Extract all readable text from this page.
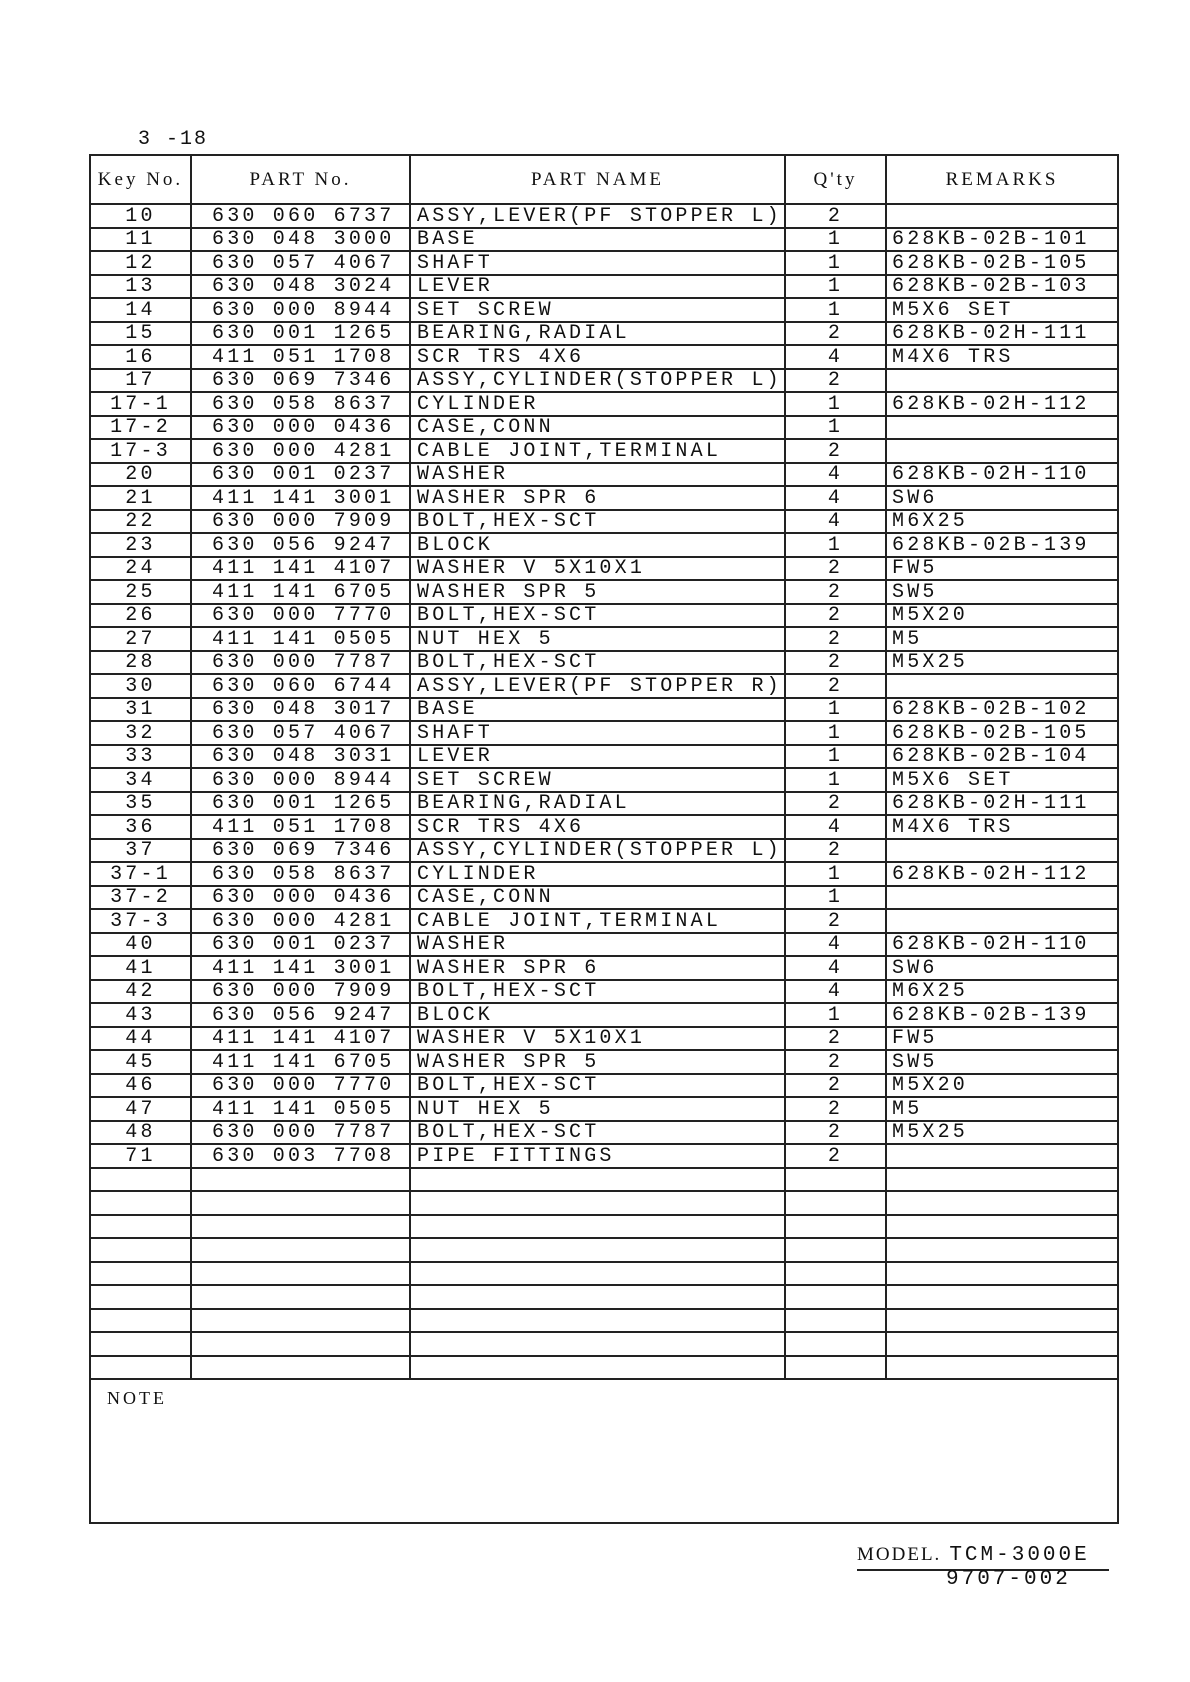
3 -18
Key No.	PART No.	PART NAME	Q'ty	REMARKS
10	630 060 6737	ASSY,LEVER(PF STOPPER L)	2	
11	630 048 3000	BASE	1	628KB-02B-101
12	630 057 4067	SHAFT	1	628KB-02B-105
13	630 048 3024	LEVER	1	628KB-02B-103
14	630 000 8944	SET SCREW	1	M5X6 SET
15	630 001 1265	BEARING,RADIAL	2	628KB-02H-111
16	411 051 1708	SCR TRS 4X6	4	M4X6 TRS
17	630 069 7346	ASSY,CYLINDER(STOPPER L)	2	
17-1	630 058 8637	CYLINDER	1	628KB-02H-112
17-2	630 000 0436	CASE,CONN	1	
17-3	630 000 4281	CABLE JOINT,TERMINAL	2	
20	630 001 0237	WASHER	4	628KB-02H-110
21	411 141 3001	WASHER SPR 6	4	SW6
22	630 000 7909	BOLT,HEX-SCT	4	M6X25
23	630 056 9247	BLOCK	1	628KB-02B-139
24	411 141 4107	WASHER V 5X10X1	2	FW5
25	411 141 6705	WASHER SPR 5	2	SW5
26	630 000 7770	BOLT,HEX-SCT	2	M5X20
27	411 141 0505	NUT HEX 5	2	M5
28	630 000 7787	BOLT,HEX-SCT	2	M5X25
30	630 060 6744	ASSY,LEVER(PF STOPPER R)	2	
31	630 048 3017	BASE	1	628KB-02B-102
32	630 057 4067	SHAFT	1	628KB-02B-105
33	630 048 3031	LEVER	1	628KB-02B-104
34	630 000 8944	SET SCREW	1	M5X6 SET
35	630 001 1265	BEARING,RADIAL	2	628KB-02H-111
36	411 051 1708	SCR TRS 4X6	4	M4X6 TRS
37	630 069 7346	ASSY,CYLINDER(STOPPER L)	2	
37-1	630 058 8637	CYLINDER	1	628KB-02H-112
37-2	630 000 0436	CASE,CONN	1	
37-3	630 000 4281	CABLE JOINT,TERMINAL	2	
40	630 001 0237	WASHER	4	628KB-02H-110
41	411 141 3001	WASHER SPR 6	4	SW6
42	630 000 7909	BOLT,HEX-SCT	4	M6X25
43	630 056 9247	BLOCK	1	628KB-02B-139
44	411 141 4107	WASHER V 5X10X1	2	FW5
45	411 141 6705	WASHER SPR 5	2	SW5
46	630 000 7770	BOLT,HEX-SCT	2	M5X20
47	411 141 0505	NUT HEX 5	2	M5
48	630 000 7787	BOLT,HEX-SCT	2	M5X25
71	630 003 7708	PIPE FITTINGS	2	

NOTE				
MODEL. TCM-3000E
9707-002
